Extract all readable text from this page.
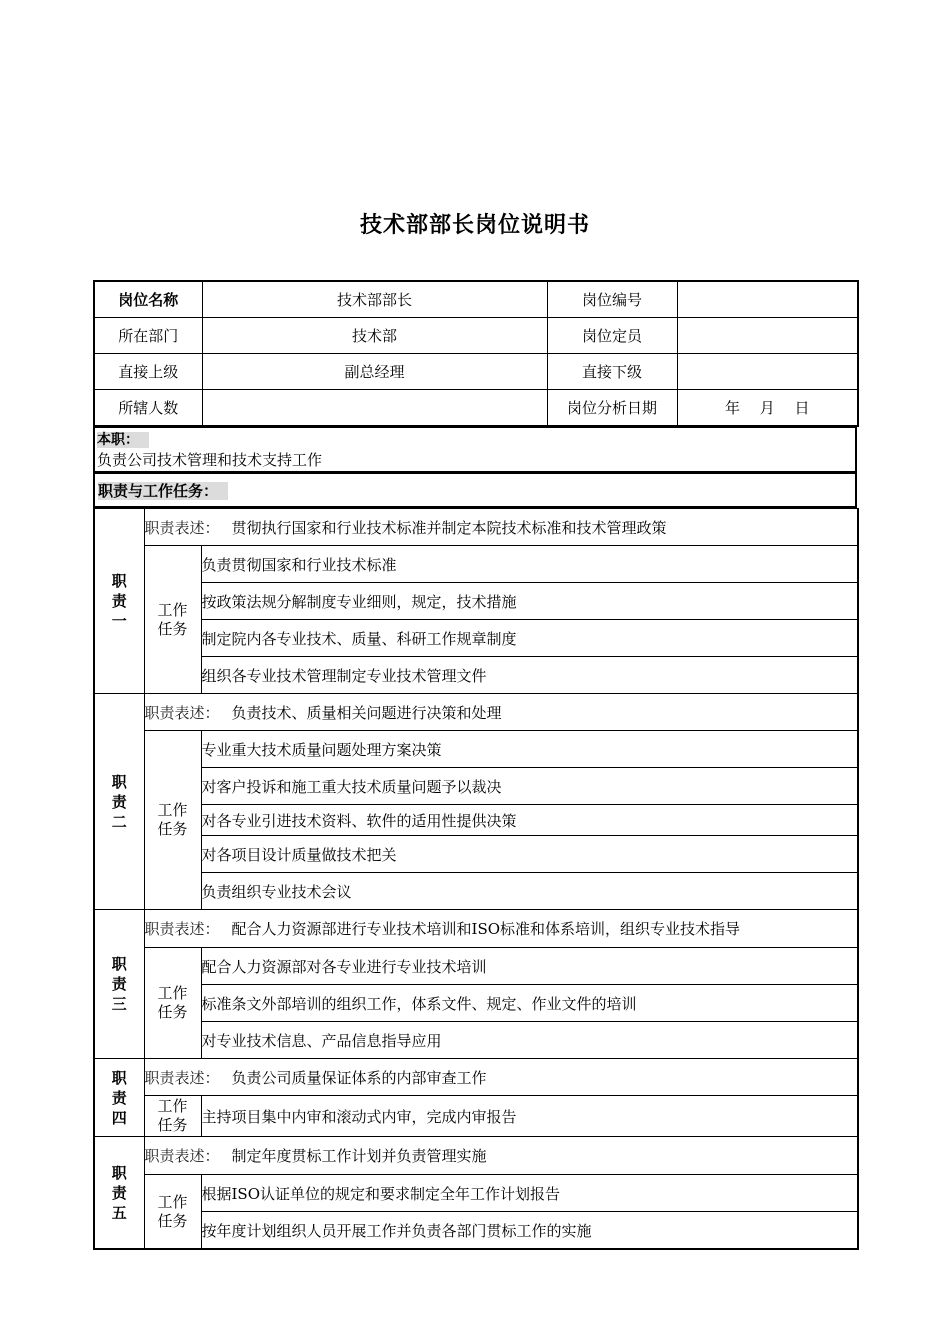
技术部部长岗位说明书
岗位名称	技术部部长	岗位编号	
所在部门	技术部	岗位定员	
直接上级	副总经理	直接下级	
所辖人数		岗位分析日期	年　 月　 日
本职：
负责公司技术管理和技术支持工作
职责与工作任务：
职责一	职责表述： 贯彻执行国家和行业技术标准并制定本院技术标准和技术管理政策	

	工作任务	负责贯彻国家和行业技术标准
		按政策法规分解制度专业细则，规定，技术措施
		制定院内各专业技术、质量、科研工作规章制度
		组织各专业技术管理制定专业技术管理文件

职责二	职责表述： 负责技术、质量相关问题进行决策和处理	

	工作任务	专业重大技术质量问题处理方案决策
		对客户投诉和施工重大技术质量问题予以裁决
		对各专业引进技术资料、软件的适用性提供决策
		对各项目设计质量做技术把关
		负责组织专业技术会议

职责三	职责表述： 配合人力资源部进行专业技术培训和ISO标准和体系培训，组织专业技术指导	

	工作任务	配合人力资源部对各专业进行专业技术培训
		标准条文外部培训的组织工作，体系文件、规定、作业文件的培训
		对专业技术信息、产品信息指导应用

职责四	职责表述： 负责公司质量保证体系的内部审查工作	

	工作任务	主持项目集中内审和滚动式内审，完成内审报告

职责五	职责表述： 制定年度贯标工作计划并负责管理实施	

	工作任务	根据ISO认证单位的规定和要求制定全年工作计划报告
		按年度计划组织人员开展工作并负责各部门贯标工作的实施
